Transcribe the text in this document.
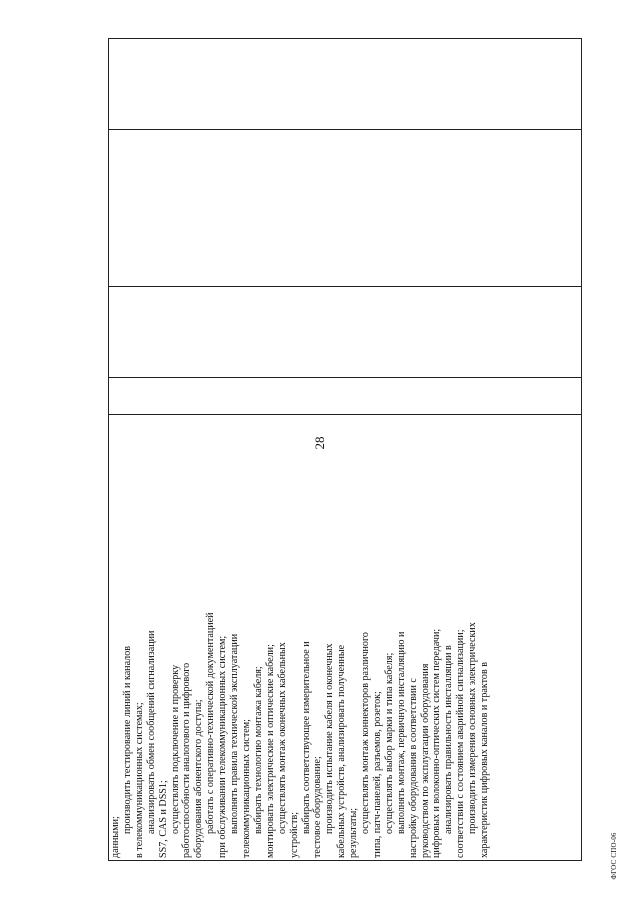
28

данными;

производить тестирование линий и каналов в телекоммуникационных системах; анализировать обмен сообщений сигнализации SS7, CAS и DSS1; осуществлять подключение и проверку работоспособности аналогового и цифрового оборудования абонентского доступа; работать с оперативно-технической документацией при обслуживании телекоммуникационных систем; выполнять правила технической эксплуатации телекоммуникационных систем; выбирать технологию монтажа кабеля; монтировать электрические и оптические кабели; осуществлять монтаж оконечных кабельных

устройств;

выбирать соответствующее измерительное и тестовое оборудование; производить испытание кабеля и оконечных кабельных устройств, анализировать полученные результаты; осуществлять монтаж коннекторов различного типа, патч-панелей, разъемов, розеток; осуществлять выбор марки и типа кабеля; выполнять монтаж, первичную инсталляцию и настройку оборудования в соответствии с руководством по эксплуатации оборудования цифровых и волоконно-оптических систем передачи; анализировать правильность инсталляции в соответствии с состоянием аварийной сигнализации; производить измерения основных электрических характеристик цифровых каналов и трактов в	ФГОС СПО-06
